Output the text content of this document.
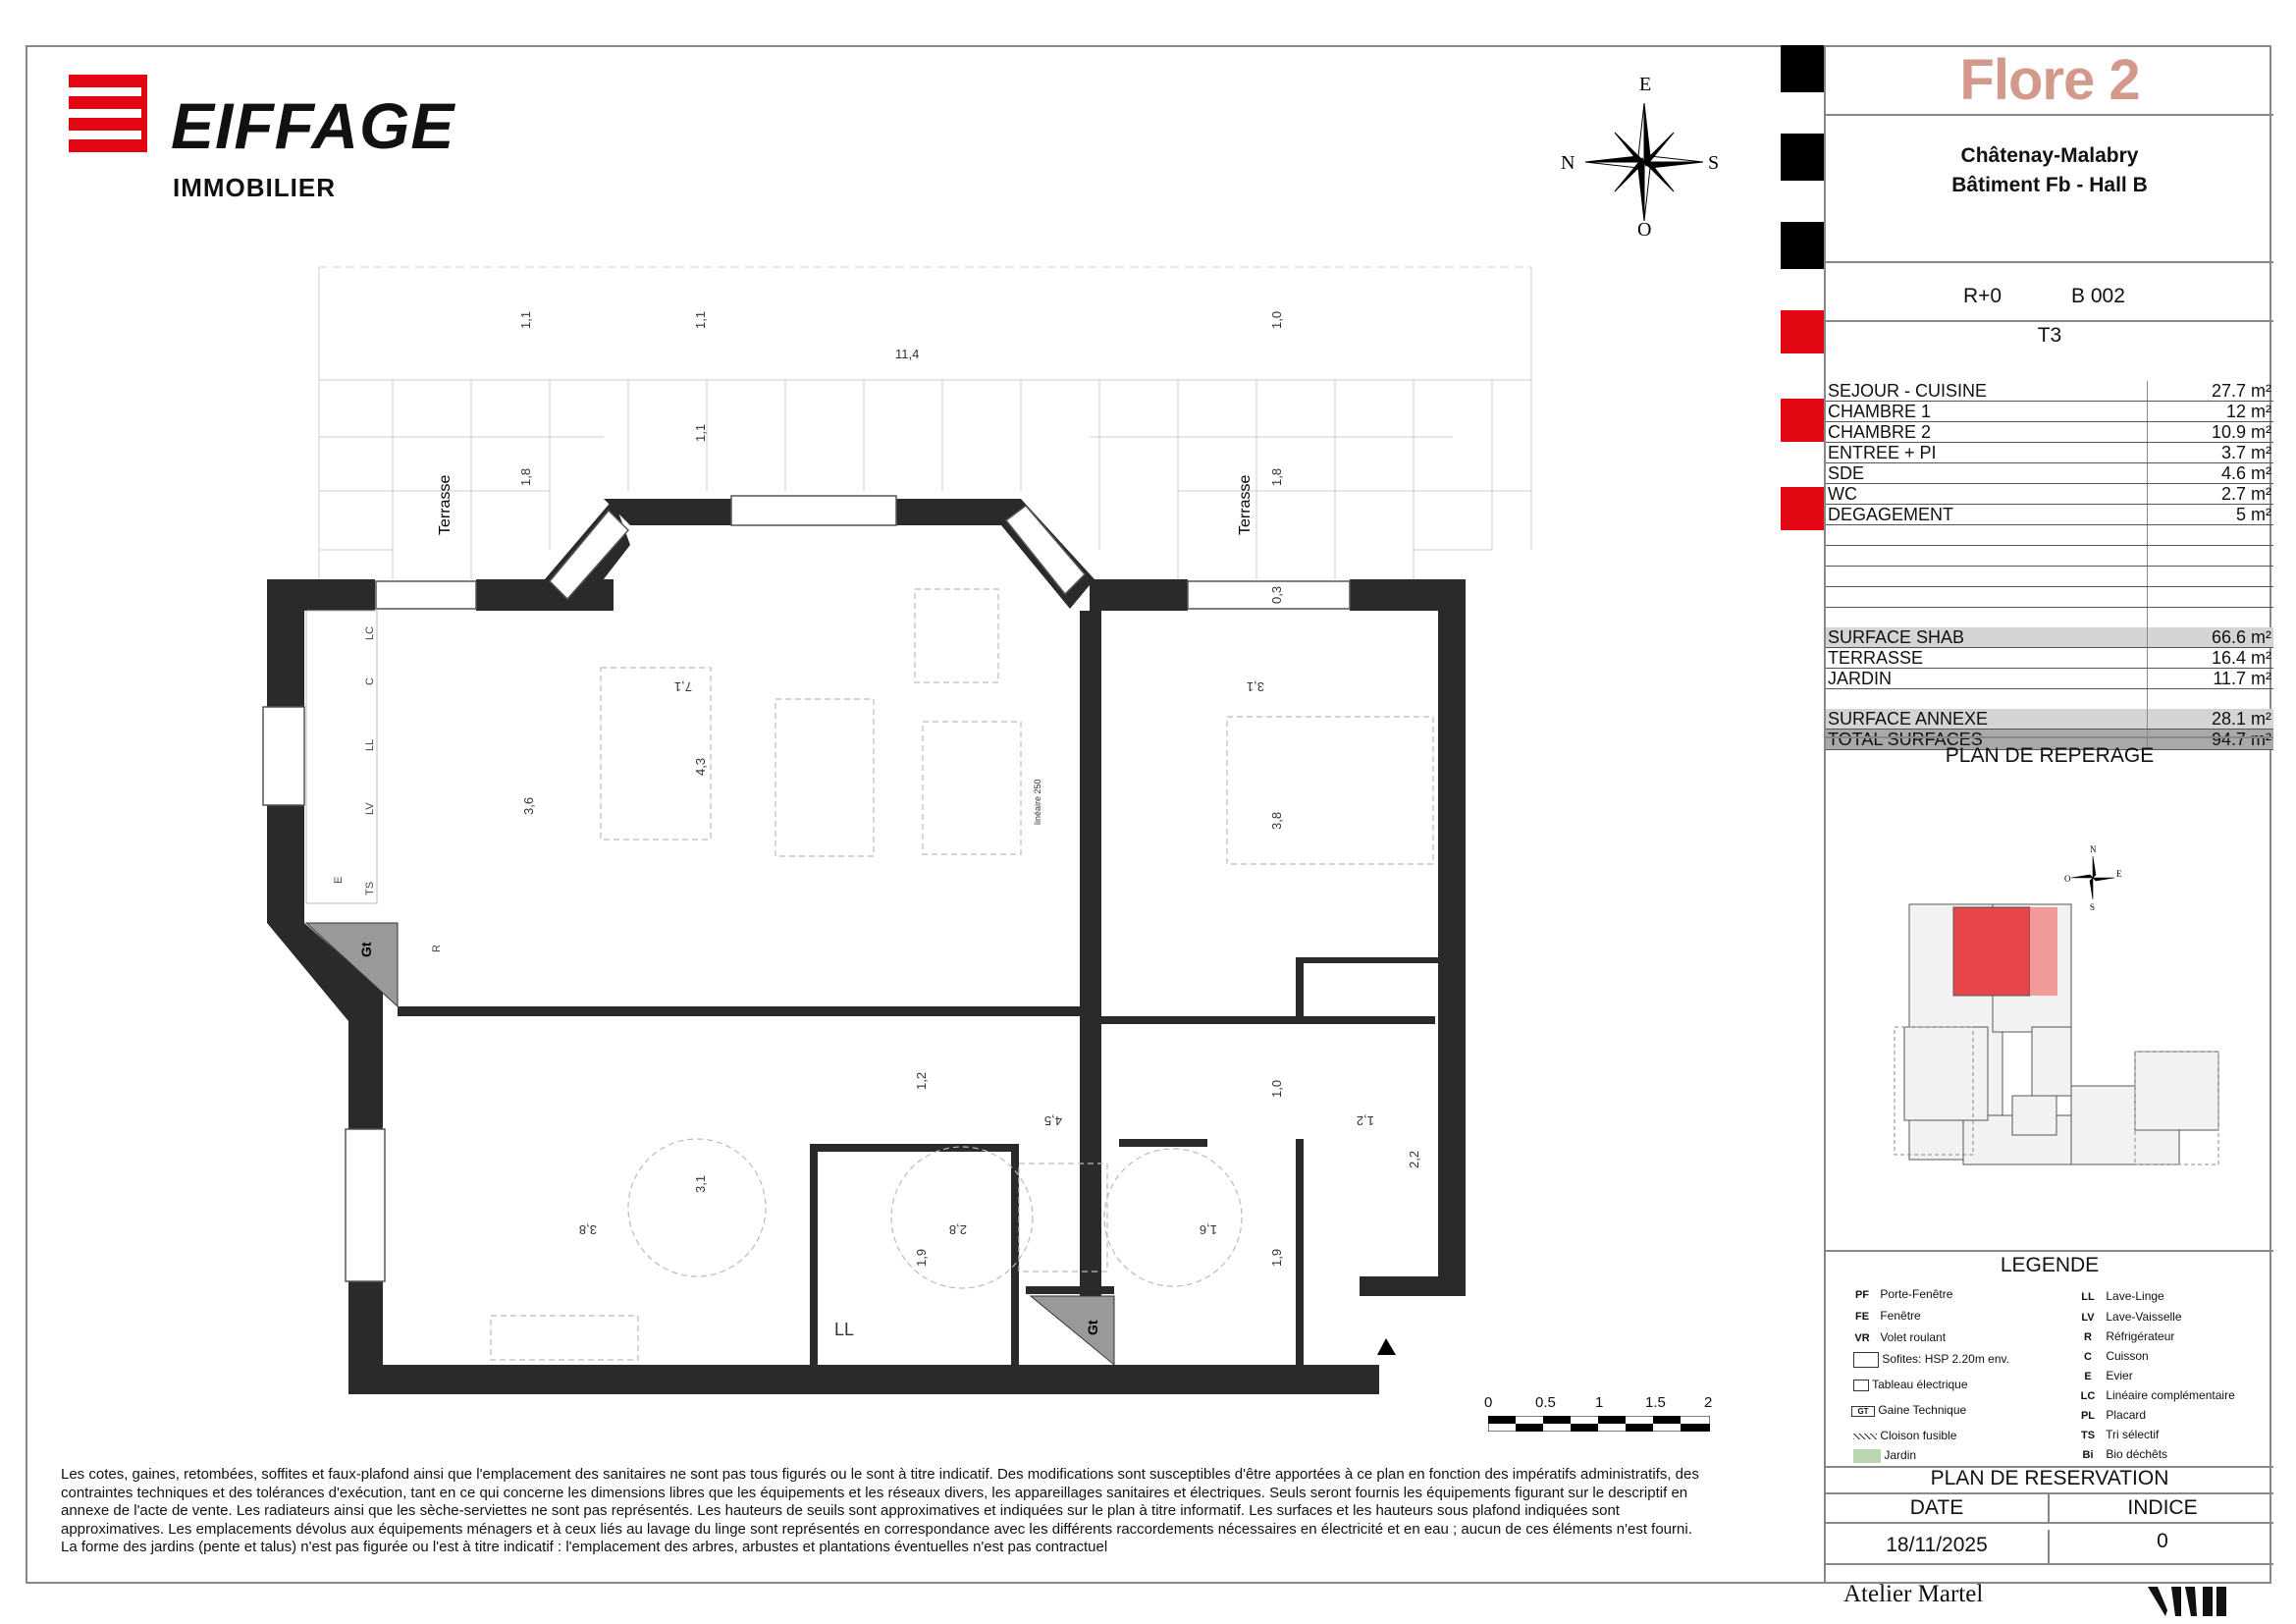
EIFFAGE
IMMOBILIER
E
N	S
O
Gt
Gt
1,1	1,1	1,0
11,4
1,1
1,8	1,8
0,3
7,1
4,3
3,6
3,1
3,8
3,8
3,1
1,2
4,5
1,0
1,2
2,2
2,8
1,9
1,6
1,9
linéaire 250
Terrasse	Terrasse
LC
C
LL
LV
E
TS
R
LL
0	0.5	1	1.5	2
Flore 2
Châtenay-Malabry
Bâtiment Fb - Hall B
R+0	B 002
T3
SEJOUR - CUISINE	27.7 m²
CHAMBRE 1	12 m²
CHAMBRE 2	10.9 m²
ENTREE + PI	3.7 m²
SDE	4.6 m²
WC	2.7 m²
DEGAGEMENT	5 m²

SURFACE SHAB	66.6 m²
TERRASSE	16.4 m²
JARDIN	11.7 m²

SURFACE ANNEXE	28.1 m²
TOTAL SURFACES	94.7 m²
PLAN DE REPERAGE
N
O	E
S
LEGENDE
PF Porte-Fenêtre
FE Fenêtre
VR Volet roulant
Sofites: HSP 2.20m env.
Tableau électrique
GT Gaine Technique
Cloison fusible
Jardin
LL Lave-Linge
LV Lave-Vaisselle
R Réfrigérateur
C Cuisson
E Evier
LC Linéaire complémentaire
PL Placard
TS Tri sélectif
Bi Bio déchêts
PLAN DE RESERVATION
DATE	INDICE
18/11/2025	0
Atelier Martel
Les cotes, gaines, retombées, soffites et faux-plafond ainsi que l'emplacement des sanitaires ne sont pas tous figurés ou le sont à titre indicatif. Des modifications sont susceptibles d'être apportées à ce plan en fonction des impératifs administratifs, des
contraintes techniques et des tolérances d'exécution, tant en ce qui concerne les dimensions libres que les équipements et les réseaux divers, les appareillages sanitaires et électriques. Seuls seront fournis les équipements figurant sur le descriptif en
annexe de l'acte de vente. Les radiateurs ainsi que les sèche-serviettes ne sont pas représentés. Les hauteurs de seuils sont approximatives et indiquées sur le plan à titre informatif. Les surfaces et les hauteurs sous plafond indiquées sont
approximatives. Les emplacements dévolus aux équipements ménagers et à ceux liés au lavage du linge sont représentés en correspondance avec les différents raccordements nécessaires en électricité et en eau ; aucun de ces éléments n'est fourni.
La forme des jardins (pente et talus) n'est pas figurée ou l'est à titre indicatif : l'emplacement des arbres, arbustes et plantations éventuelles n'est pas contractuel
